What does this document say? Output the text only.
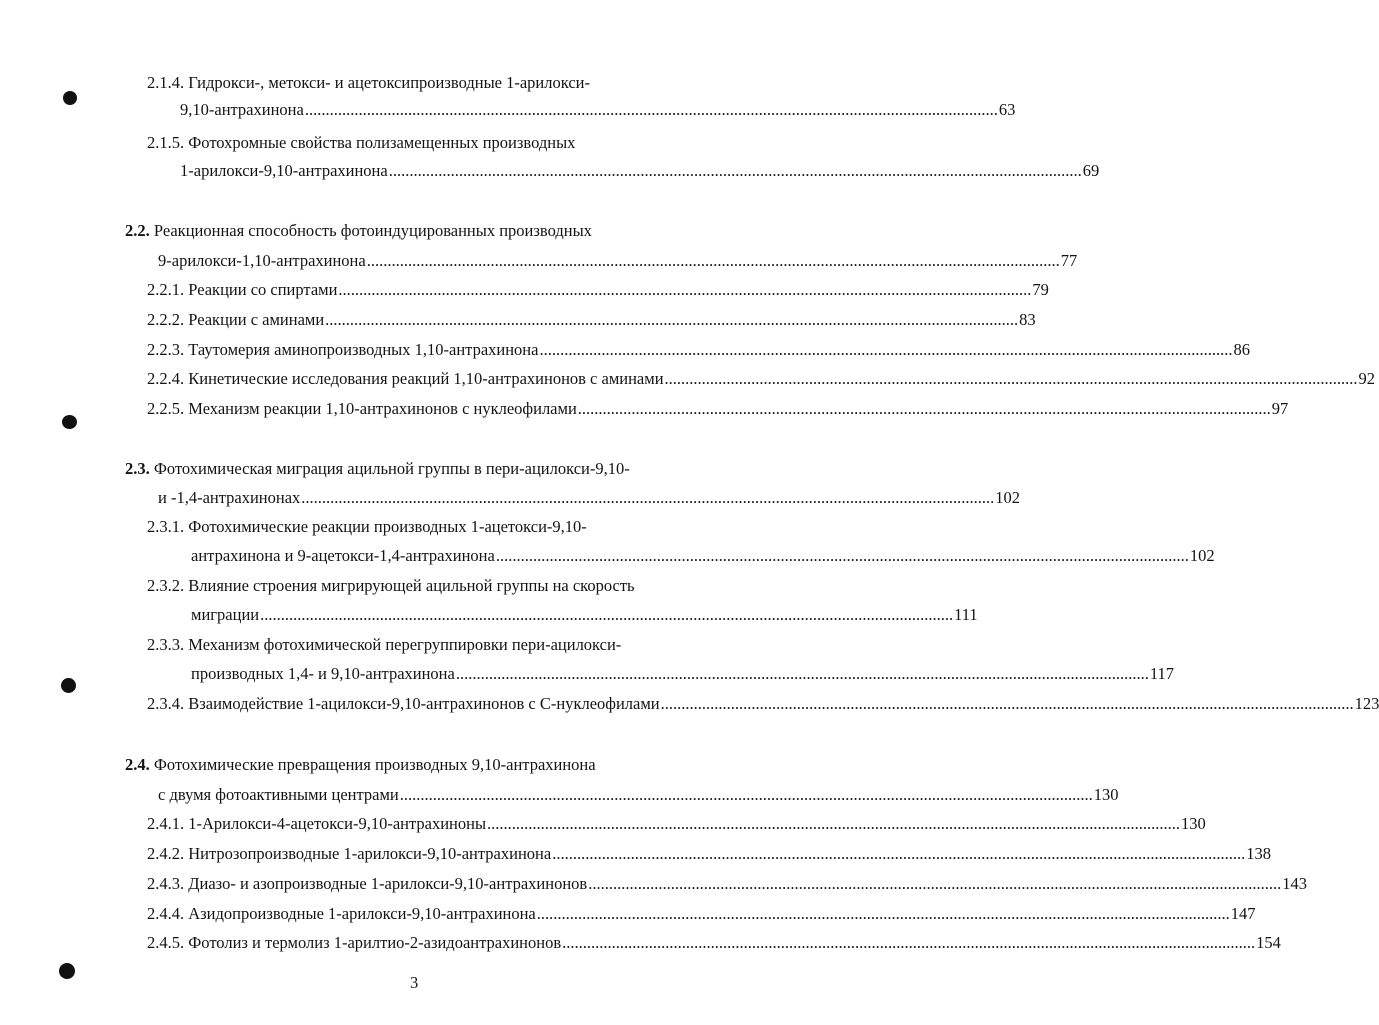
2.1.4. Гидрокси-, метокси- и ацетоксипроизводные 1-арилокси-
9,10-антрахинона ........................................................................................................................................................................ 63
2.1.5. Фотохромные свойства полизамещенных производных
1-арилокси-9,10-антрахинона ........................................................................................................................................................................ 69
2.2. Реакционная способность фотоиндуцированных производных
9-арилокси-1,10-антрахинона ........................................................................................................................................................................ 77
2.2.1. Реакции со спиртами ........................................................................................................................................................................ 79
2.2.2. Реакции с аминами ........................................................................................................................................................................ 83
2.2.3. Таутомерия аминопроизводных 1,10-антрахинона ........................................................................................................................................................................ 86
2.2.4. Кинетические исследования реакций 1,10-антрахинонов с аминами ........................................................................................................................................................................ 92
2.2.5. Механизм реакции 1,10-антрахинонов с нуклеофилами ........................................................................................................................................................................ 97
2.3. Фотохимическая миграция ацильной группы в пери-ацилокси-9,10-
и -1,4-антрахинонах ........................................................................................................................................................................ 102
2.3.1. Фотохимические реакции производных 1-ацетокси-9,10-
антрахинона и 9-ацетокси-1,4-антрахинона ........................................................................................................................................................................ 102
2.3.2. Влияние строения мигрирующей ацильной группы на скорость
миграции ........................................................................................................................................................................ 111
2.3.3. Механизм фотохимической перегруппировки пери-ацилокси-
производных 1,4- и 9,10-антрахинона ........................................................................................................................................................................ 117
2.3.4. Взаимодействие 1-ацилокси-9,10-антрахинонов с С-нуклеофилами ........................................................................................................................................................................ 123
2.4. Фотохимические превращения производных 9,10-антрахинона
с двумя фотоактивными центрами ........................................................................................................................................................................ 130
2.4.1. 1-Арилокси-4-ацетокси-9,10-антрахиноны ........................................................................................................................................................................ 130
2.4.2. Нитрозопроизводные 1-арилокси-9,10-антрахинона ........................................................................................................................................................................ 138
2.4.3. Диазо- и азопроизводные 1-арилокси-9,10-антрахинонов ........................................................................................................................................................................ 143
2.4.4. Азидопроизводные 1-арилокси-9,10-антрахинона ........................................................................................................................................................................ 147
2.4.5. Фотолиз и термолиз 1-арилтио-2-азидоантрахинонов ........................................................................................................................................................................ 154
3
